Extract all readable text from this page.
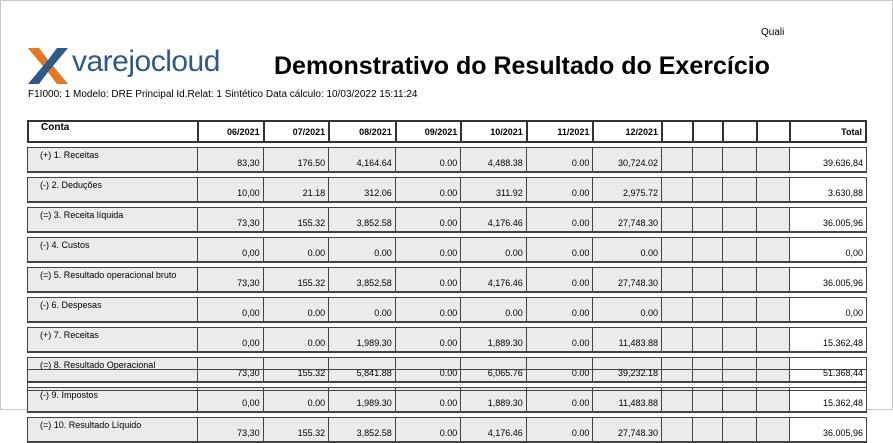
Quali
varejocloud Demonstrativo do Resultado do Exercício
F1I000: 1 Modelo: DRE Principal Id.Relat: 1 Sintético Data cálculo: 10/03/2022 15:11:24
Conta	06/2021	07/2021	08/2021	09/2021	10/2021	11/2021	12/2021					Total

(+) 1. Receitas	83,30	176.50	4,164.64	0.00	4,488.38	0.00	30,724.02					39.636,84

(-) 2. Deduções	10,00	21.18	312.06	0.00	311.92	0.00	2,975.72					3.630,88

(=) 3. Receita líquida	73,30	155.32	3,852.58	0.00	4,176.46	0.00	27,748.30					36.005,96

(-) 4. Custos	0,00	0.00	0.00	0.00	0.00	0.00	0.00					0,00

(=) 5. Resultado operacional bruto	73,30	155.32	3,852.58	0.00	4,176.46	0.00	27,748.30					36.005,96

(-) 6. Despesas	0,00	0.00	0.00	0.00	0.00	0.00	0.00					0,00

(+) 7. Receitas	0,00	0.00	1,989.30	0.00	1,889.30	0.00	11,483.88					15.362,48

(=) 8. Resultado Operacional	73,30	155.32	5,841.88	0.00	6,065.76	0.00	39,232.18					51.368,44

(-) 9. Impostos	0,00	0.00	1,989.30	0.00	1,889.30	0.00	11,483.88					15.362,48

(=) 10. Resultado Líquido	73,30	155.32	3,852.58	0.00	4,176.46	0.00	27,748.30					36.005,96
